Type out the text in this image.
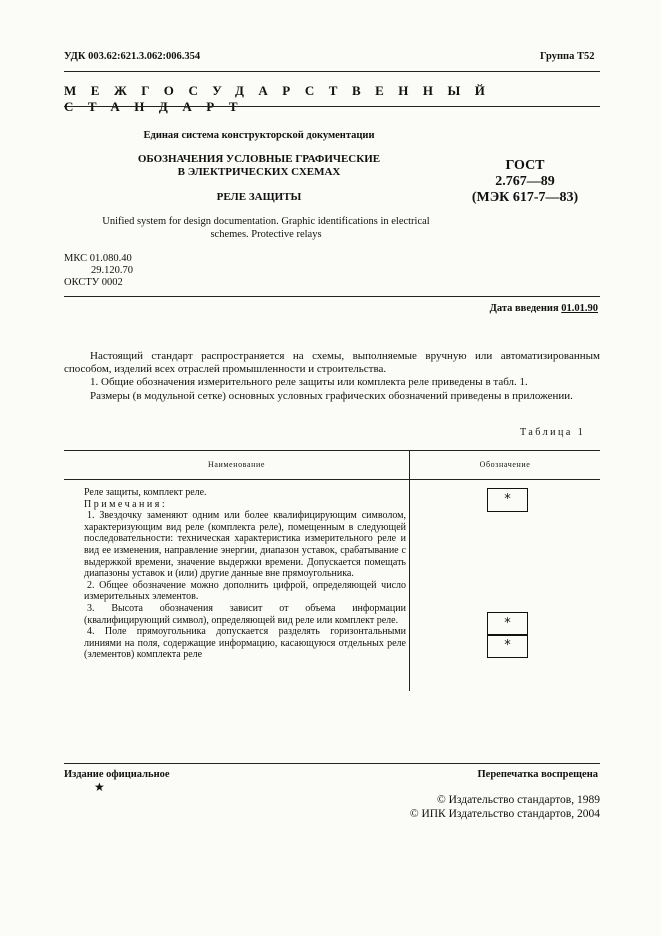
УДК 003.62:621.3.062:006.354	Группа Т52
МЕЖГОСУДАРСТВЕННЫЙСТАНДАРТ
Единая система конструкторской документации
ОБОЗНАЧЕНИЯ УСЛОВНЫЕ ГРАФИЧЕСКИЕ
В ЭЛЕКТРИЧЕСКИХ СХЕМАХ
РЕЛЕ ЗАЩИТЫ
ГОСТ
2.767—89
(МЭК 617-7—83)
Unified system for design documentation. Graphic identifications in electrical
schemes. Protective relays
МКС 01.080.40
29.120.70
ОКСТУ 0002
Дата введения 01.01.90

Настоящий стандарт распространяется на схемы, выполняемые вручную или автоматизированным способом, изделий всех отраслей промышленности и строительства.

1. Общие обозначения измерительного реле защиты или комплекта реле приведены в табл. 1.

Размеры (в модульной сетке) основных условных графических обозначений приведены в приложении.

Таблица 1
Наименование	Обозначение

Реле защиты, комплект реле.

Примечания:

1. Звездочку заменяют одним или более квалифицирующим символом, характеризующим вид реле (комплекта реле), помещенным в следующей последовательности: техническая характеристика измерительного реле и вид ее изменения, направление энергии, диапазон уставок, срабатывание с выдержкой времени, значение выдержки времени. Допускается помещать диапазоны уставок и (или) другие данные вне прямоугольника.

2. Общее обозначение можно дополнить цифрой, определяющей число измерительных элементов.

3. Высота обозначения зависит от объема информации (квалифицирующий символ), определяющей вид реле или комплект реле.

4. Поле прямоугольника допускается разделять горизонтальными линиями на поля, содержащие информацию, касающуюся отдельных реле (элементов) комплекта реле

*
*
*
Издание официальное
★
Перепечатка воспрещена
© Издательство стандартов, 1989
© ИПК Издательство стандартов, 2004
